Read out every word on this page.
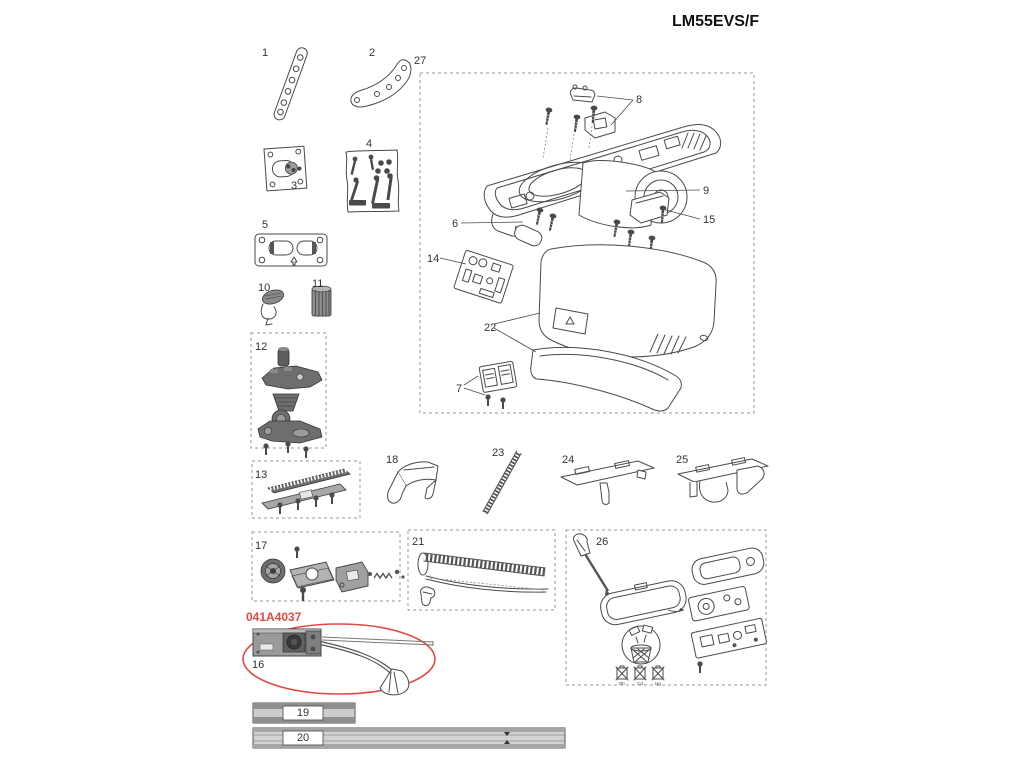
LM55EVS/F
1	2
3
4
5
10	11
12
13
17
041A4037
16
19
20
18
23
24	25
21
Pb	Cd	Hg
26
27
8
9
15
6
14
22
7
